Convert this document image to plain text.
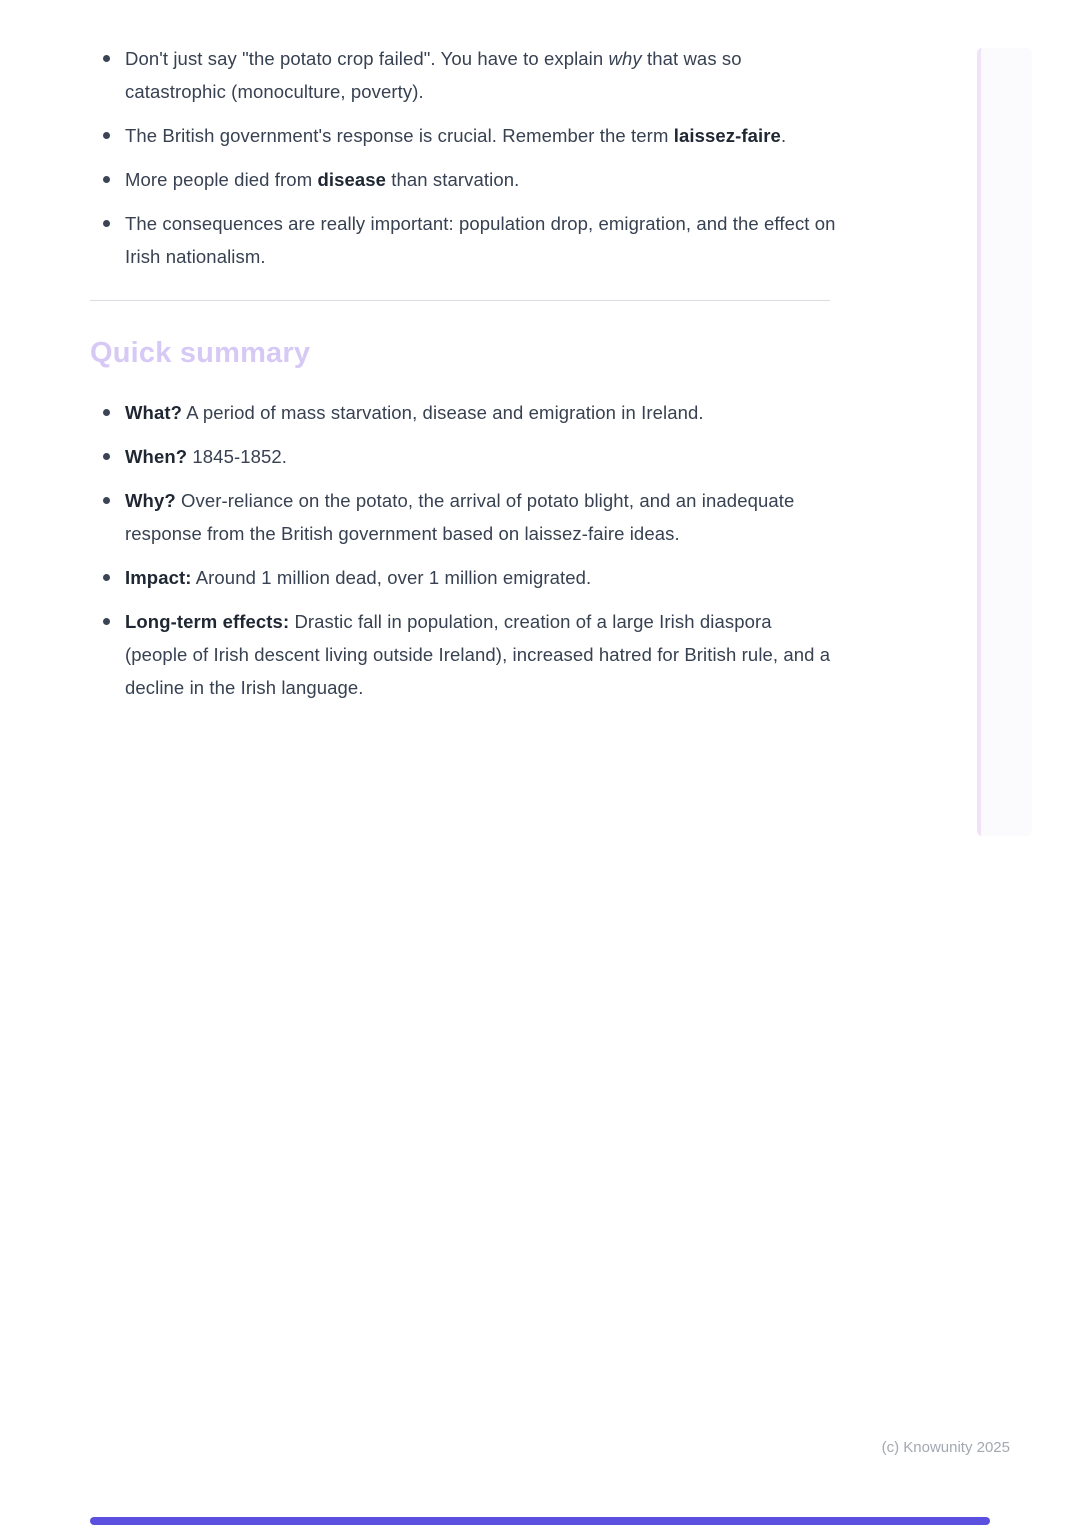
Don't just say "the potato crop failed". You have to explain why that was so catastrophic (monoculture, poverty).
The British government's response is crucial. Remember the term laissez-faire.
More people died from disease than starvation.
The consequences are really important: population drop, emigration, and the effect on Irish nationalism.
Quick summary
What? A period of mass starvation, disease and emigration in Ireland.
When? 1845-1852.
Why? Over-reliance on the potato, the arrival of potato blight, and an inadequate response from the British government based on laissez-faire ideas.
Impact: Around 1 million dead, over 1 million emigrated.
Long-term effects: Drastic fall in population, creation of a large Irish diaspora (people of Irish descent living outside Ireland), increased hatred for British rule, and a decline in the Irish language.
(c) Knowunity 2025
